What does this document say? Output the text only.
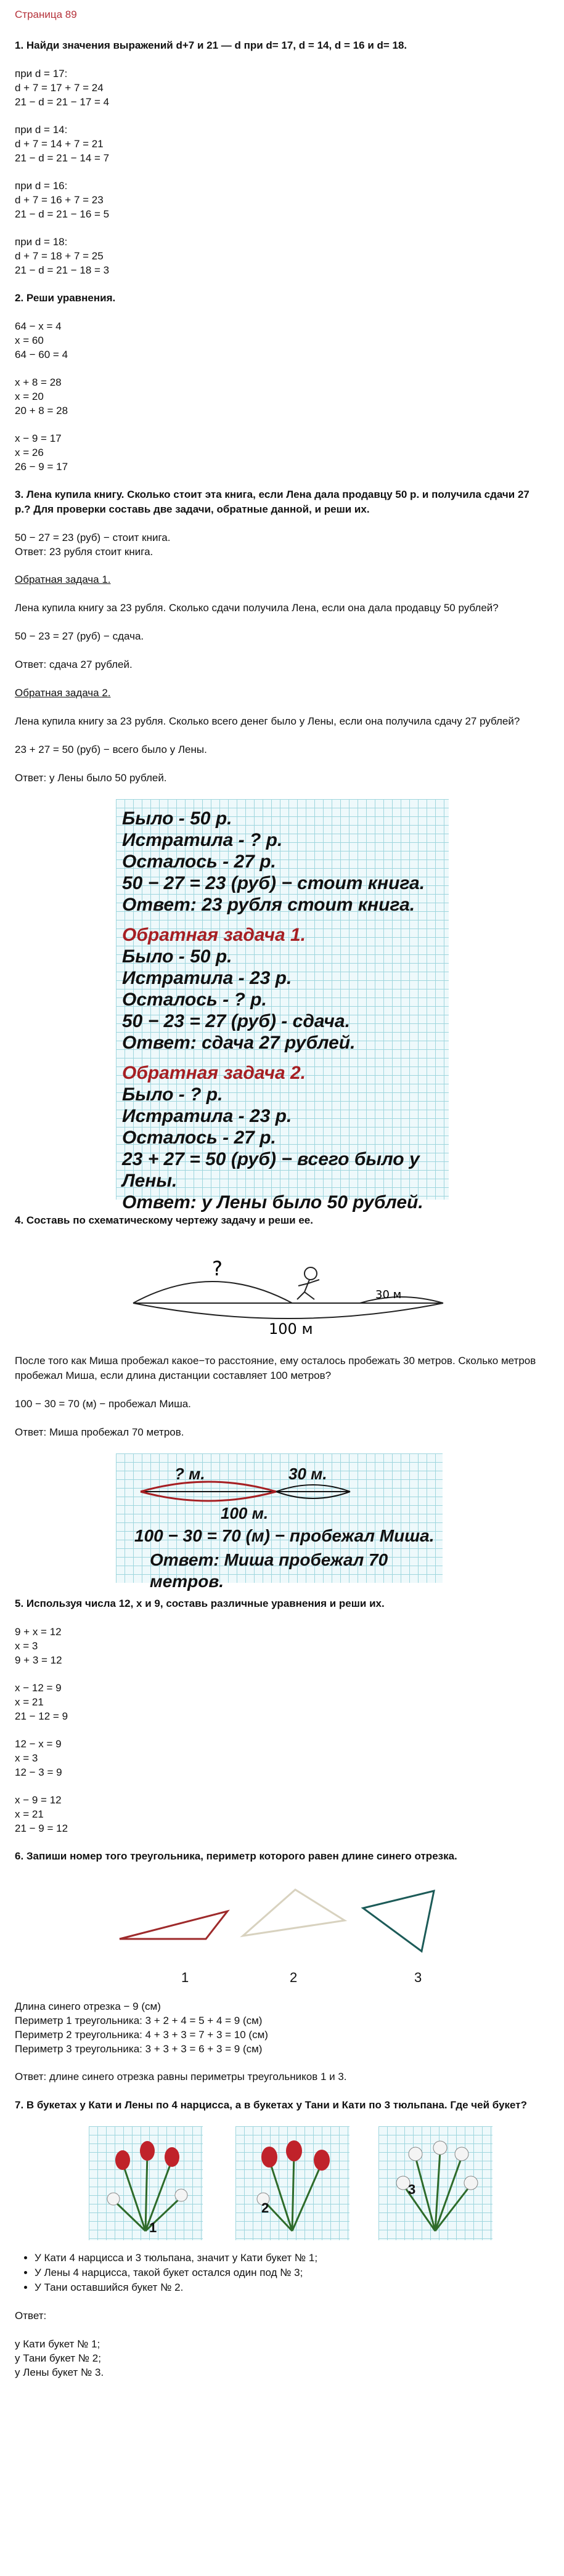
Страница 89
1. Найди значения выражений d+7 и 21 — d при d= 17, d = 14, d = 16 и d= 18.
при d = 17:
d + 7 = 17 + 7 = 24
21 − d = 21 − 17 = 4
при d = 14:
d + 7 = 14 + 7 = 21
21 − d = 21 − 14 = 7
при d = 16:
d + 7 = 16 + 7 = 23
21 − d = 21 − 16 = 5
при d = 18:
d + 7 = 18 + 7 = 25
21 − d = 21 − 18 = 3
2. Реши уравнения.
64 − x = 4
x = 60
64 − 60 = 4
x + 8 = 28
x = 20
20 + 8 = 28
x − 9 = 17
x = 26
26 − 9 = 17
3. Лена купила книгу. Сколько стоит эта книга, если Лена дала продавцу 50 р. и получила сдачи 27 р.? Для проверки составь две задачи, обратные данной, и реши их.
50 − 27 = 23 (руб) − стоит книга.
Ответ: 23 рубля стоит книга.
Обратная задача 1.
Лена купила книгу за 23 рубля. Сколько сдачи получила Лена, если она дала продавцу 50 рублей?
50 − 23 = 27 (руб) − сдача.
Ответ: сдача 27 рублей.
Обратная задача 2.
Лена купила книгу за 23 рубля. Сколько всего денег было у Лены, если она получила сдачу 27 рублей?
23 + 27 = 50 (руб) − всего было у Лены.
Ответ: у Лены было 50 рублей.
Было - 50 р.
Истратила - ? р.
Осталось - 27 р.
50 − 27 = 23 (руб) − стоит книга.
Ответ: 23 рубля стоит книга.
Обратная задача 1.
Было - 50 р.
Истратила - 23 р.
Осталось - ? р.
50 − 23 = 27 (руб) - сдача.
Ответ: сдача 27 рублей.
Обратная задача 2.
Было - ? р.
Истратила - 23 р.
Осталось - 27 р.
23 + 27 = 50 (руб) − всего было у Лены.
Ответ: у Лены было 50 рублей.
4. Составь по схематическому чертежу задачу и реши ее.
?
30 м
100 м
После того как Миша пробежал какое−то расстояние, ему осталось пробежать 30 метров. Сколько метров пробежал Миша, если длина дистанции составляет 100 метров?
100 − 30 = 70 (м) − пробежал Миша.
Ответ: Миша пробежал 70 метров.
? м.	30 м.
100 м.
100 − 30 = 70 (м) − пробежал Миша.
Ответ: Миша пробежал 70 метров.
5. Используя числа 12, x и 9, составь различные уравнения и реши их.
9 + x = 12
x = 3
9 + 3 = 12
x − 12 = 9
x = 21
21 − 12 = 9
12 − x = 9
x = 3
12 − 3 = 9
x − 9 = 12
x = 21
21 − 9 = 12
6. Запиши номер того треугольника, периметр которого равен длине синего отрезка.
1	2	3
Длина синего отрезка − 9 (см)
Периметр 1 треугольника: 3 + 2 + 4 = 5 + 4 = 9 (см)
Периметр 2 треугольника: 4 + 3 + 3 = 7 + 3 = 10 (см)
Периметр 3 треугольника: 3 + 3 + 3 = 6 + 3 = 9 (см)
Ответ: длине синего отрезка равны периметры треугольников 1 и 3.
7. В букетах у Кати и Лены по 4 нарцисса, а в букетах у Тани и Кати по 3 тюльпана. Где чей букет?
1
2
3
• У Кати 4 нарцисса и 3 тюльпана, значит у Кати букет № 1;
• У Лены 4 нарцисса, такой букет остался один под № 3;
• У Тани оставшийся букет № 2.
Ответ:
у Кати букет № 1;
у Тани букет № 2;
у Лены букет № 3.
